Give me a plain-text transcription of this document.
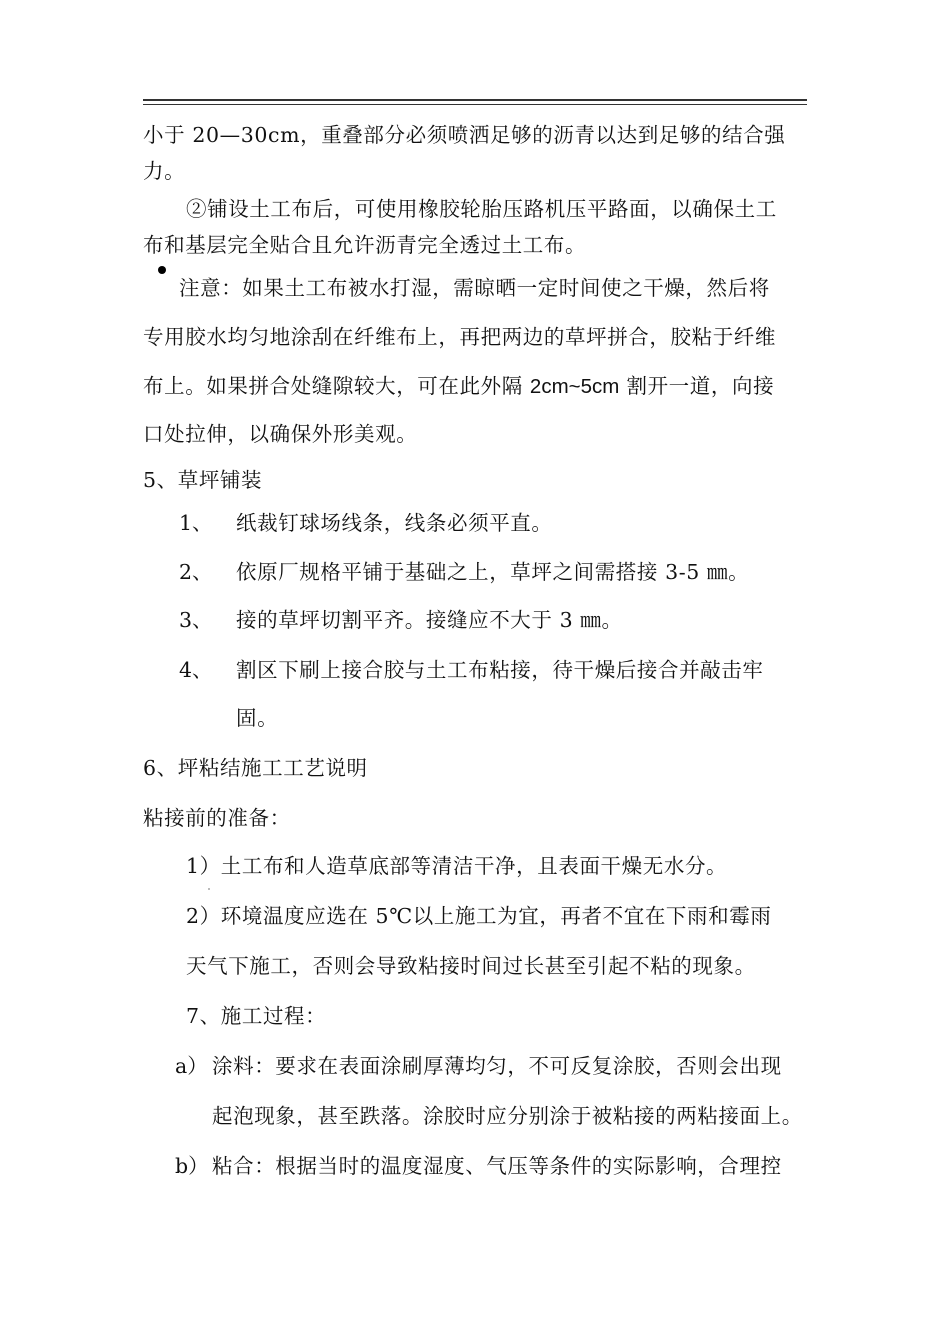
小于 20—30cm，重叠部分必须喷洒足够的沥青以达到足够的结合强
力。
②铺设土工布后，可使用橡胶轮胎压路机压平路面，以确保土工
布和基层完全贴合且允许沥青完全透过土工布。
注意：如果土工布被水打湿，需晾晒一定时间使之干燥，然后将
专用胶水均匀地涂刮在纤维布上，再把两边的草坪拼合，胶粘于纤维
布上。如果拼合处缝隙较大，可在此外隔 2cm~5cm 割开一道，向接
口处拉伸，以确保外形美观。
5、草坪铺装
1、 纸裁钉球场线条，线条必须平直。
2、 依原厂规格平铺于基础之上，草坪之间需搭接 3-5 ㎜。
3、 接的草坪切割平齐。接缝应不大于 3 ㎜。
4、 割区下刷上接合胶与土工布粘接，待干燥后接合并敲击牢
固。
6、坪粘结施工工艺说明
粘接前的准备：
1）土工布和人造草底部等清洁干净，且表面干燥无水分。
2）环境温度应选在 5℃以上施工为宜，再者不宜在下雨和霉雨
天气下施工，否则会导致粘接时间过长甚至引起不粘的现象。
7、施工过程：
a） 涂料：要求在表面涂刷厚薄均匀，不可反复涂胶，否则会出现
起泡现象，甚至跌落。涂胶时应分别涂于被粘接的两粘接面上。
b） 粘合：根据当时的温度湿度、气压等条件的实际影响，合理控
